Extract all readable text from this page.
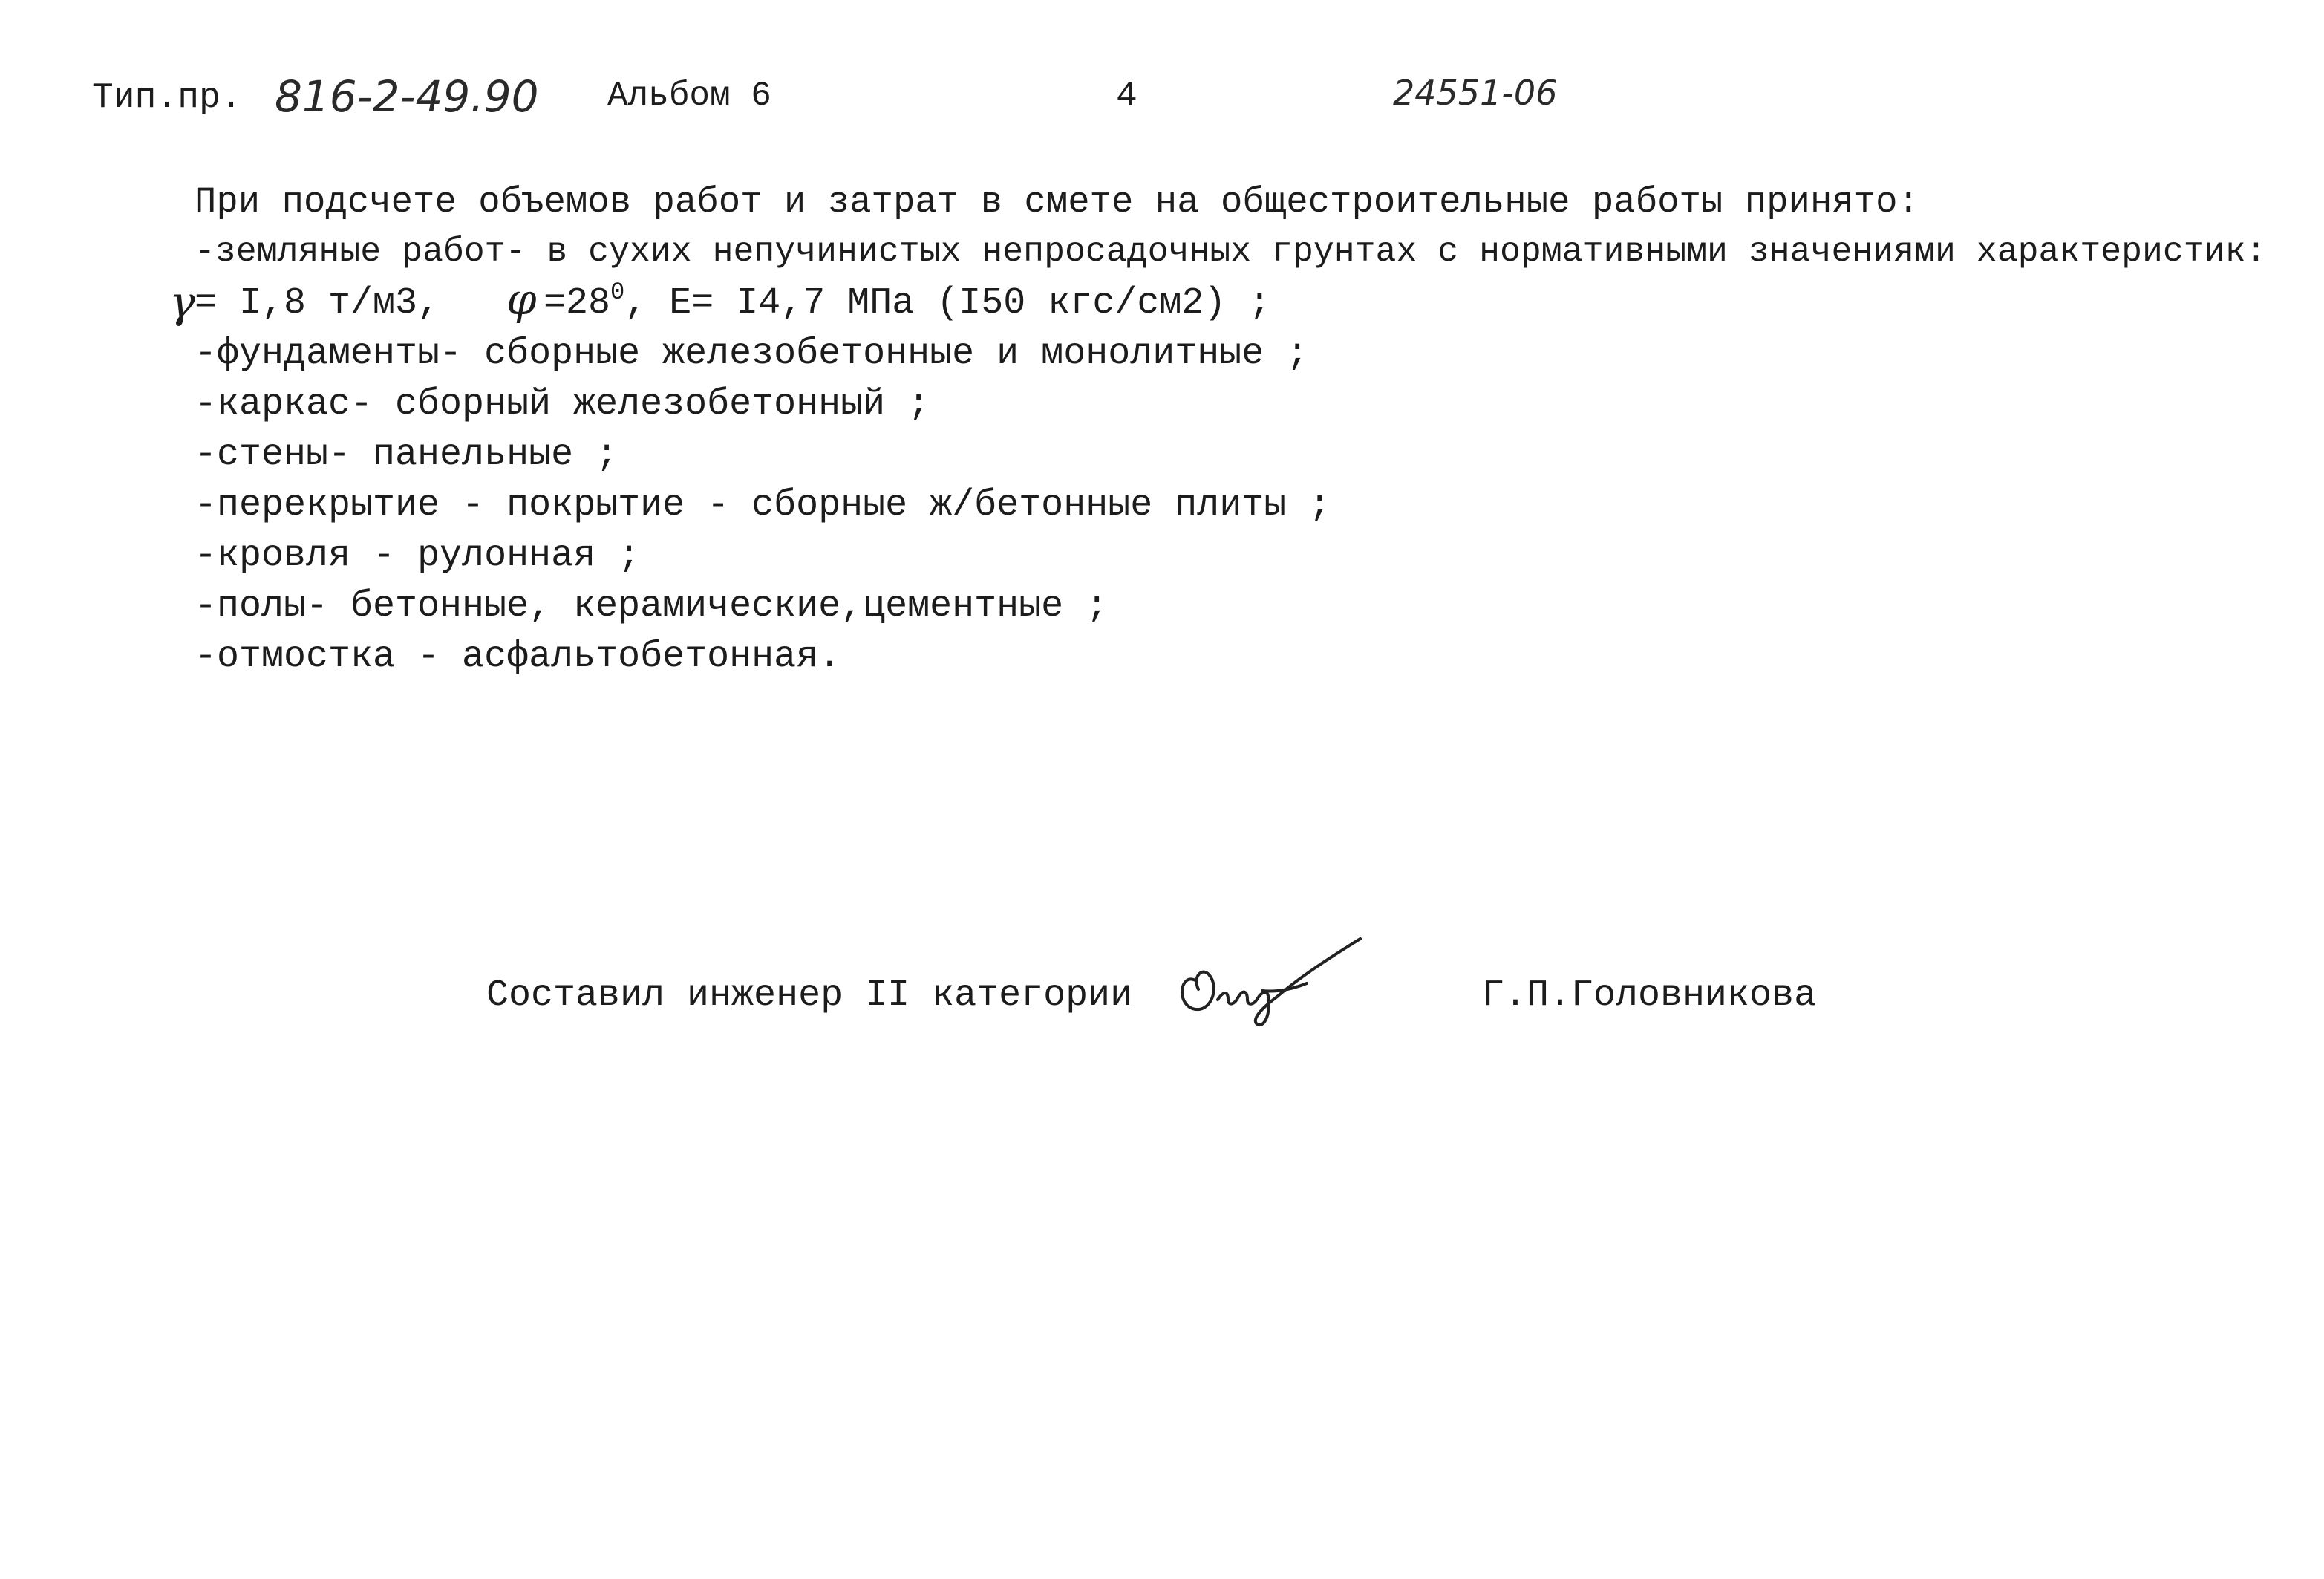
Тип.пр. 816-2-49.90 Альбом 6	4	24551-06
При подсчете объемов работ и затрат в смете на общестроительные работы принято:
-земляные работ- в сухих непучинистых непросадочных грунтах с нормативными значениями характеристик:
γ = I,8 т/м3, $\varphi =28^0$, E= I4,7 МПа (I50 кгс/см2) ;
-фундаменты- сборные железобетонные и монолитные ;
-каркас- сборный железобетонный ;
-стены- панельные ;
-перекрытие - покрытие - сборные ж/бетонные плиты ;
-кровля - рулонная ;
-полы- бетонные, керамические,цементные ;
-отмостка - асфальтобетонная.
Составил инженер II категории	Г.П.Головникова
